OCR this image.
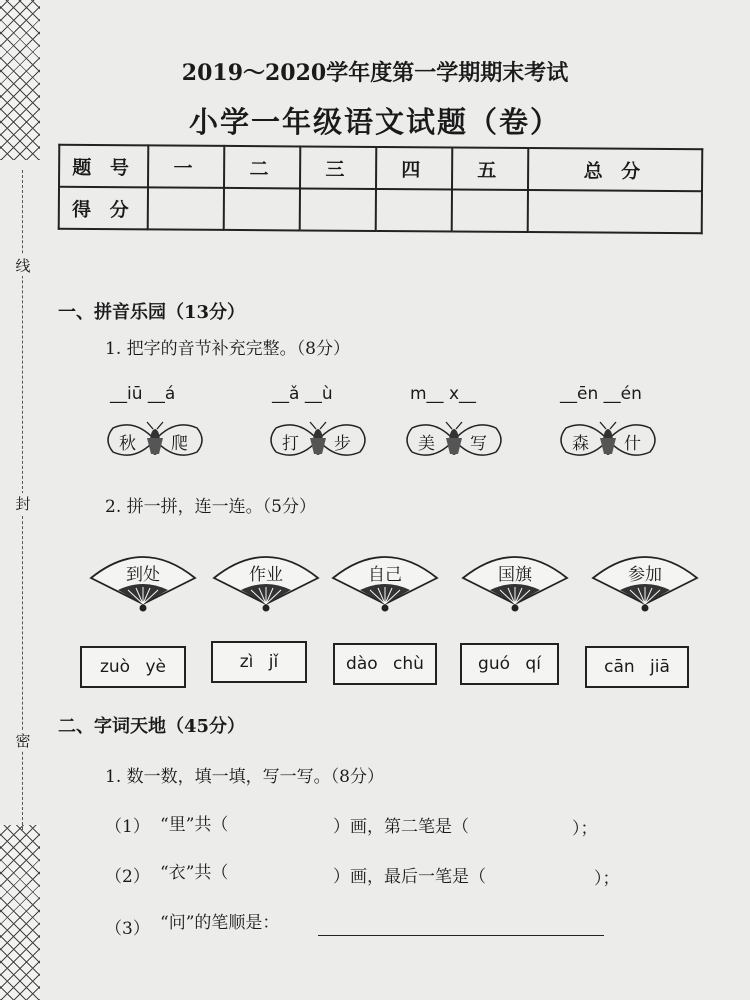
线
封
密
2019～2020学年度第一学期期末考试
小学一年级语文试题（卷）
题 号	一	二	三	四	五	总 分
得 分						
一、拼音乐园（13分）
1. 把字的音节补充完整。（8分）
__iū __á	__ǎ __ù	m__ x__	__ēn __én
秋 爬	打 步	美 写	森 什
2. 拼一拼，连一连。（5分）
到处	作业	自己	国旗	参加
zuò yè	zì jǐ	dào chù	guó qí	cān jiā
二、字词天地（45分）
1. 数一数，填一填，写一写。（8分）
（1） “里”共（	）画，第二笔是（	）；
（2） “衣”共（	）画，最后一笔是（	）；
（3） “问”的笔顺是：
